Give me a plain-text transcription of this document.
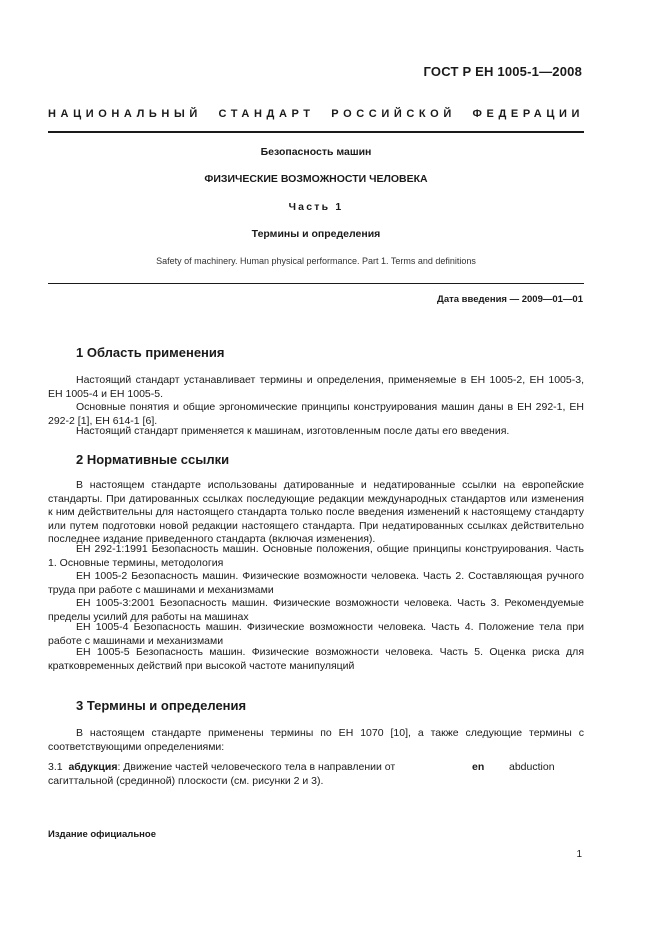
ГОСТ Р ЕН 1005-1—2008
НАЦИОНАЛЬНЫЙ СТАНДАРТ РОССИЙСКОЙ ФЕДЕРАЦИИ
Безопасность машин
ФИЗИЧЕСКИЕ ВОЗМОЖНОСТИ ЧЕЛОВЕКА
Часть 1
Термины и определения
Safety of machinery. Human physical performance. Part 1. Terms and definitions
Дата введения — 2009—01—01
1 Область применения
Настоящий стандарт устанавливает термины и определения, применяемые в ЕН 1005-2, ЕН 1005-3, ЕН 1005-4 и ЕН 1005-5.
Основные понятия и общие эргономические принципы конструирования машин даны в ЕН 292-1, ЕН 292-2 [1], ЕН 614-1 [6].
Настоящий стандарт применяется к машинам, изготовленным после даты его введения.
2 Нормативные ссылки
В настоящем стандарте использованы датированные и недатированные ссылки на европейские стандарты. При датированных ссылках последующие редакции международных стандартов или изменения к ним действительны для настоящего стандарта только после введения изменений к настоящему стандарту или путем подготовки новой редакции настоящего стандарта. При недатированных ссылках действительно последнее издание приведенного стандарта (включая изменения).
ЕН 292-1:1991 Безопасность машин. Основные положения, общие принципы конструирования. Часть 1. Основные термины, методология
ЕН 1005-2 Безопасность машин. Физические возможности человека. Часть 2. Составляющая ручного труда при работе с машинами и механизмами
ЕН 1005-3:2001 Безопасность машин. Физические возможности человека. Часть 3. Рекомендуемые пределы усилий для работы на машинах
ЕН 1005-4 Безопасность машин. Физические возможности человека. Часть 4. Положение тела при работе с машинами и механизмами
ЕН 1005-5 Безопасность машин. Физические возможности человека. Часть 5. Оценка риска для кратковременных действий при высокой частоте манипуляций
3 Термины и определения
В настоящем стандарте применены термины по ЕН 1070 [10], а также следующие термины с соответствующими определениями:
3.1 абдукция: Движение частей человеческого тела в направлении от сагиттальной (срединной) плоскости (см. рисунки 2 и 3).
en abduction
Издание официальное
1
